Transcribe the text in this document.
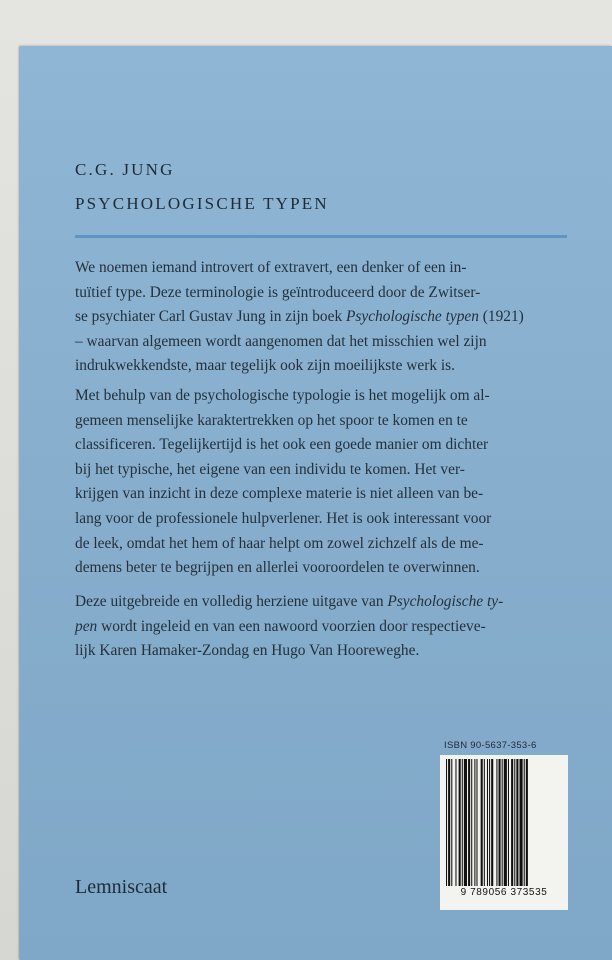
C.G. JUNG
PSYCHOLOGISCHE TYPEN

We noemen iemand introvert of extravert, een denker of een in-
tuïtief type. Deze terminologie is geïntroduceerd door de Zwitser-
se psychiater Carl Gustav Jung in zijn boek Psychologische typen (1921)
– waarvan algemeen wordt aangenomen dat het misschien wel zijn
indrukwekkendste, maar tegelijk ook zijn moeilijkste werk is.

Met behulp van de psychologische typologie is het mogelijk om al-
gemeen menselijke karaktertrekken op het spoor te komen en te
classificeren. Tegelijkertijd is het ook een goede manier om dichter
bij het typische, het eigene van een individu te komen. Het ver-
krijgen van inzicht in deze complexe materie is niet alleen van be-
lang voor de professionele hulpverlener. Het is ook interessant voor
de leek, omdat het hem of haar helpt om zowel zichzelf als de me-
demens beter te begrijpen en allerlei vooroordelen te overwinnen.

Deze uitgebreide en volledig herziene uitgave van Psychologische ty-
pen wordt ingeleid en van een nawoord voorzien door respectieve-
lijk Karen Hamaker-Zondag en Hugo Van Hooreweghe.

ISBN 90-5637-353-6
9 789056 373535
Lemniscaat
